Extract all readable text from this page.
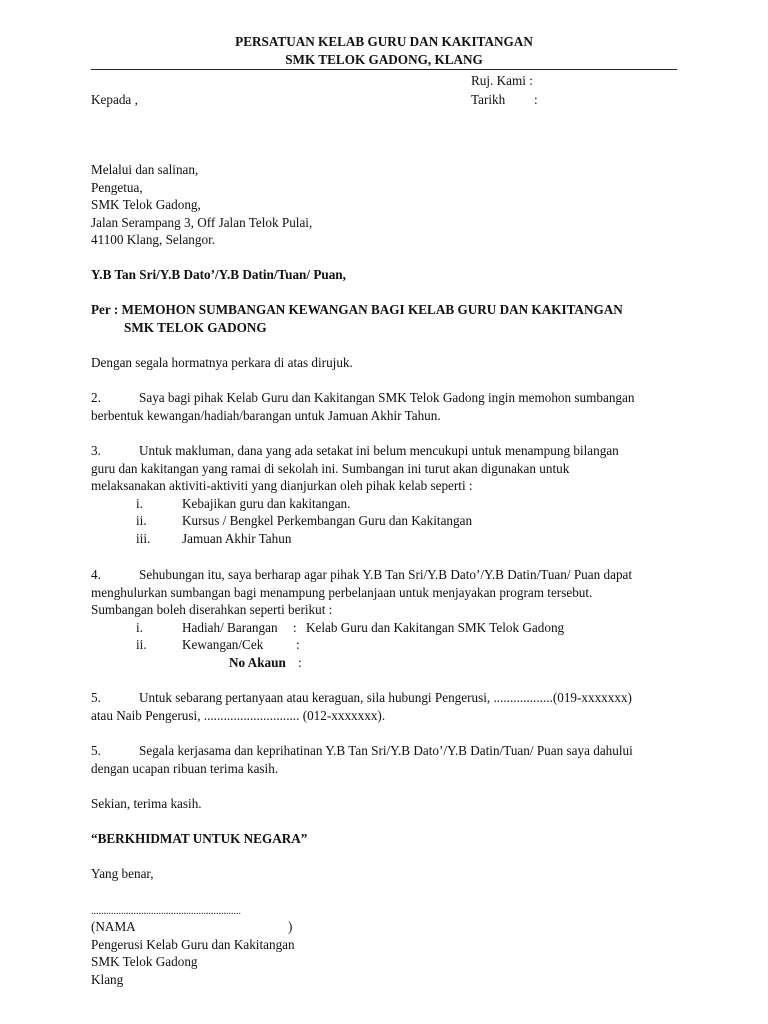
PERSATUAN KELAB GURU DAN KAKITANGAN
SMK TELOK GADONG, KLANG
Ruj. Kami :
Kepada ,	Tarikh :
Melalui dan salinan,
Pengetua,
SMK Telok Gadong,
Jalan Serampang 3, Off Jalan Telok Pulai,
41100 Klang, Selangor.
Y.B Tan Sri/Y.B Dato’/Y.B Datin/Tuan/ Puan,
Per : MEMOHON SUMBANGAN KEWANGAN BAGI KELAB GURU DAN KAKITANGAN
SMK TELOK GADONG
Dengan segala hormatnya perkara di atas dirujuk.
2.	Saya bagi pihak Kelab Guru dan Kakitangan SMK Telok Gadong ingin memohon sumbangan
berbentuk kewangan/hadiah/barangan untuk Jamuan Akhir Tahun.
3.	Untuk makluman, dana yang ada setakat ini belum mencukupi untuk menampung bilangan
guru dan kakitangan yang ramai di sekolah ini. Sumbangan ini turut akan digunakan untuk
melaksanakan aktiviti-aktiviti yang dianjurkan oleh pihak kelab seperti :
i.	Kebajikan guru dan kakitangan.
ii.	Kursus / Bengkel Perkembangan Guru dan Kakitangan
iii. Jamuan Akhir Tahun
4.	Sehubungan itu, saya berharap agar pihak Y.B Tan Sri/Y.B Dato’/Y.B Datin/Tuan/ Puan dapat
menghulurkan sumbangan bagi menampung perbelanjaan untuk menjayakan program tersebut.
Sumbangan boleh diserahkan seperti berikut :
i.	Hadiah/ Barangan : Kelab Guru dan Kakitangan SMK Telok Gadong
ii.	Kewangan/Cek :
No Akaun :
5.	Untuk sebarang pertanyaan atau keraguan, sila hubungi Pengerusi, ..................(019-xxxxxxx)
atau Naib Pengerusi, ............................. (012-xxxxxxx).
5.	Segala kerjasama dan keprihatinan Y.B Tan Sri/Y.B Dato’/Y.B Datin/Tuan/ Puan saya dahului
dengan ucapan ribuan terima kasih.
Sekian, terima kasih.
“BERKHIDMAT UNTUK NEGARA”
Yang benar,
............................................................
(NAMA	)
Pengerusi Kelab Guru dan Kakitangan
SMK Telok Gadong
Klang
